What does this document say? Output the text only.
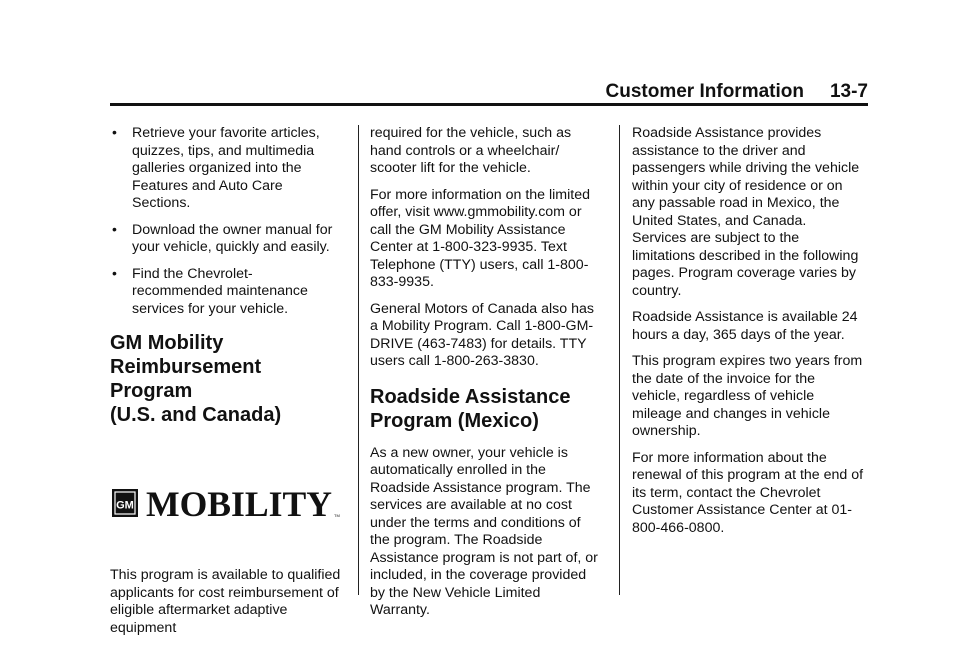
Customer Information 13-7
• Retrieve your favorite articles, quizzes, tips, and multimedia galleries organized into the Features and Auto Care Sections.
• Download the owner manual for your vehicle, quickly and easily.
• Find the Chevrolet-recommended maintenance services for your vehicle.
GM Mobility
Reimbursement Program
(U.S. and Canada)
GM MOBILITY TM

This program is available to qualified applicants for cost reimbursement of eligible aftermarket adaptive equipment

required for the vehicle, such as hand controls or a wheelchair/ scooter lift for the vehicle.

For more information on the limited offer, visit www.gmmobility.com or call the GM Mobility Assistance Center at 1-800-323-9935. Text Telephone (TTY) users, call 1-800-833-9935.

General Motors of Canada also has a Mobility Program. Call 1-800-GM-DRIVE (463-7483) for details. TTY users call 1-800-263-3830.

Roadside Assistance
Program (Mexico)

As a new owner, your vehicle is automatically enrolled in the Roadside Assistance program. The services are available at no cost under the terms and conditions of the program. The Roadside Assistance program is not part of, or included, in the coverage provided by the New Vehicle Limited Warranty.

Roadside Assistance provides assistance to the driver and passengers while driving the vehicle within your city of residence or on any passable road in Mexico, the United States, and Canada. Services are subject to the limitations described in the following pages. Program coverage varies by country.

Roadside Assistance is available 24 hours a day, 365 days of the year.

This program expires two years from the date of the invoice for the vehicle, regardless of vehicle mileage and changes in vehicle ownership.

For more information about the renewal of this program at the end of its term, contact the Chevrolet Customer Assistance Center at 01-800-466-0800.
